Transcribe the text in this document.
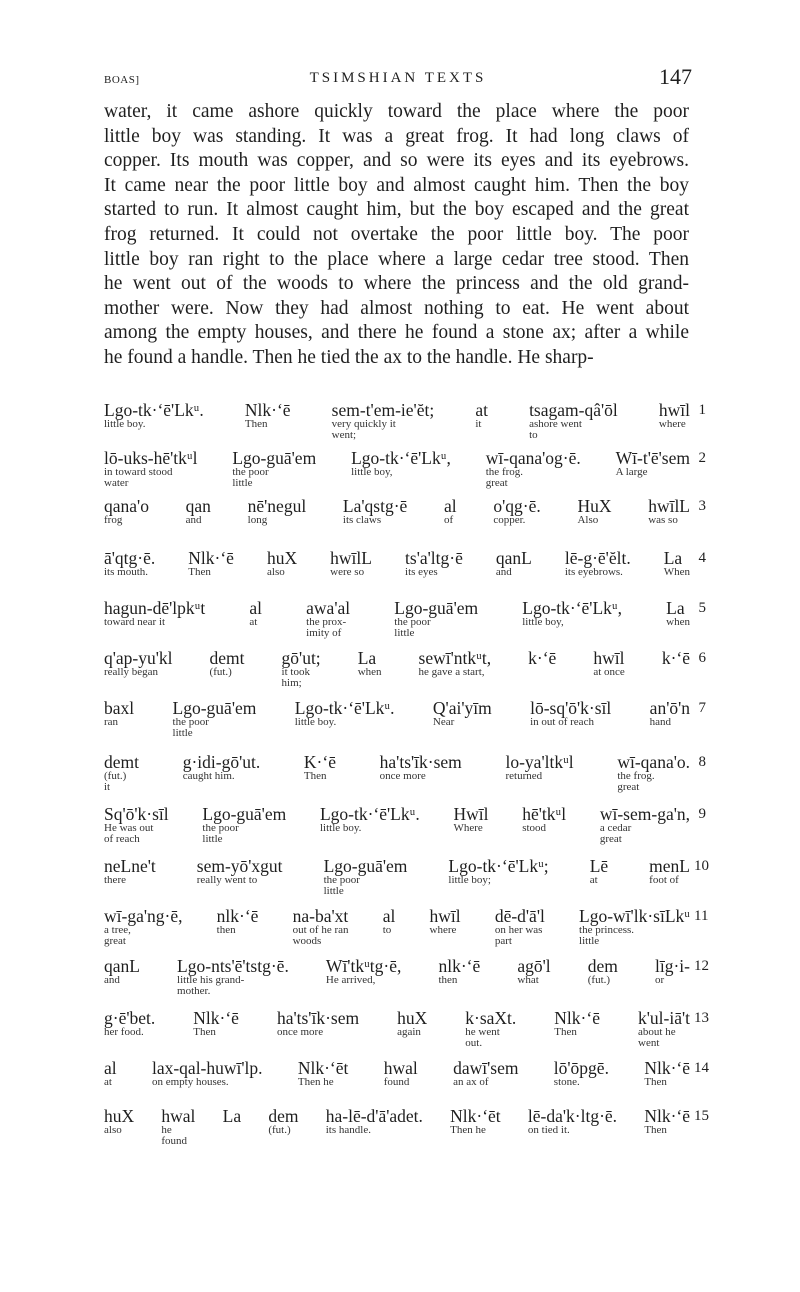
BOAS]	TSIMSHIAN TEXTS	147
water, it came ashore quickly toward the place where the poor
little boy was standing. It was a great frog. It had long claws of
copper. Its mouth was copper, and so were its eyes and its eyebrows.
It came near the poor little boy and almost caught him. Then the boy
started to run. It almost caught him, but the boy escaped and the great
frog returned. It could not overtake the poor little boy. The poor
little boy ran right to the place where a large cedar tree stood. Then
he went out of the woods to where the princess and the old grand-
mother were. Now they had almost nothing to eat. He went about
among the empty houses, and there he found a stone ax; after a while
he found a handle. Then he tied the ax to the handle. He sharp-
Lgo-tk·ʻē'Lkᵘ.
little boy.
Nlk·ʻē
Then
sem-t'em-ie'ĕt;
very quickly it
went;
at
it
tsagam-qâ'ōl
ashore went
to
hwīl
where
1
lō-uks-hē'tkᵘl
in toward stood
water
Lgo-guā'em
the poor
little
Lgo-tk·ʻē'Lkᵘ,
little boy,
wī-qana'og·ē.
the frog.
great
Wī-t'ē'sem
A large
2
qana'o
frog
qan
and
nē'negul
long
La'qstg·ē
its claws
al
of
o'qg·ē.
copper.
HuX
Also
hwīlL
was so
3
ā'qtg·ē.
its mouth.
Nlk·ʻē
Then
huX
also
hwīlL
were so
ts'a'ltg·ē
its eyes
qanL
and
lē-g·ē'ĕlt.
its eyebrows.
La
When
4
hagun-dē'lpkᵘt
toward near it
al
at
awa'al
the prox-
imity of
Lgo-guā'em
the poor
little
Lgo-tk·ʻē'Lkᵘ,
little boy,
La
when
5
q'ap-yu'kl
really began
demt
(fut.)
gō'ut;
it took
him;
La
when
sewī'ntkᵘt,
he gave a start,
k·ʻē hwīl
at once
k·ʻē 6
baxl
ran
Lgo-guā'em
the poor
little
Lgo-tk·ʻē'Lkᵘ.
little boy.
Q'ai'yīm
Near
lō-sq'ō'k·sīl
in out of reach
an'ō'n
hand
7
demt
(fut.)
it
g·idi-gō'ut.
caught him.
K·ʻē
Then
ha'ts'īk·sem
once more
lo-ya'ltkᵘl
returned
wī-qana'o.
the frog.
great
8
Sq'ō'k·sīl
He was out
of reach
Lgo-guā'em
the poor
little
Lgo-tk·ʻē'Lkᵘ.
little boy.
Hwīl
Where
hē'tkᵘl
stood
wī-sem-ga'n,
a cedar
great
9
neLne't
there
sem-yō'xgut
really went to
Lgo-guā'em
the poor
little
Lgo-tk·ʻē'Lkᵘ;
little boy;
Lē
at
menL
foot of
10
wī-ga'ng·ē,
a tree,
great
nlk·ʻē
then
na-ba'xt
out of he ran
woods
al
to
hwīl
where
dē-d'ā'l
on her was
part
Lgo-wī'lk·sīLkᵘ
the princess.
little
11
qanL
and
Lgo-nts'ē'tstg·ē.
little his grand-
mother.
Wī'tkᵘtg·ē,
He arrived,
nlk·ʻē
then
agō'l
what
dem
(fut.)
līg·i-
or
12
g·ē'bet.
her food.
Nlk·ʻē
Then
ha'ts'īk·sem
once more
huX
again
k·saXt.
he went
out.
Nlk·ʻē
Then
k'ul-iā't
about he
went
13
al
at
lax-qal-huwī'lp.
on empty houses.
Nlk·ʻēt
Then he
hwal
found
dawī'sem
an ax of
lō'ōpgē.
stone.
Nlk·ʻē
Then
14
huX
also
hwal
he
found
La dem
(fut.)
ha-lē-d'ā'adet.
its handle.
Nlk·ʻēt
Then he
lē-da'k·ltg·ē.
on tied it.
Nlk·ʻē
Then
15
